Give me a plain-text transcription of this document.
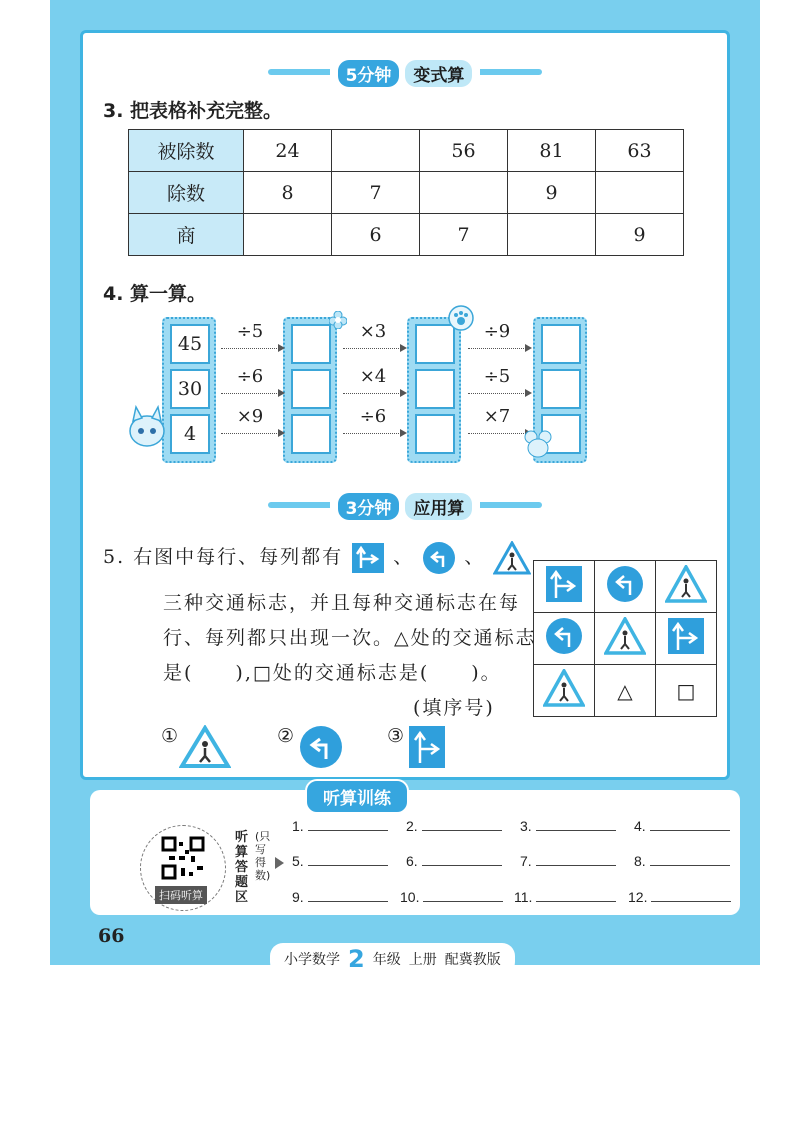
5分钟	变式算
3. 把表格补充完整。
被除数	24		56	81	63
除数	8	7		9	
商		6	7		9
4. 算一算。
45
30
4
÷5
÷6
×9
×3
×4
÷6
÷9
÷5
×7
3分钟	应用算
5. 右图中每行、每列都有	、	、
三种交通标志，并且每种交通标志在每
行、每列都只出现一次。△处的交通标志
是(　　),□处的交通标志是(　　)。
(填序号)
①	②	③

	△	□
扫码听算
听算答题区
(只写得数)
1.	2.	3.	4.
5.	6.	7.	8.
9.	10.	11.	12.
听算训练
66
小学数学 2 年级 上册 配冀教版
